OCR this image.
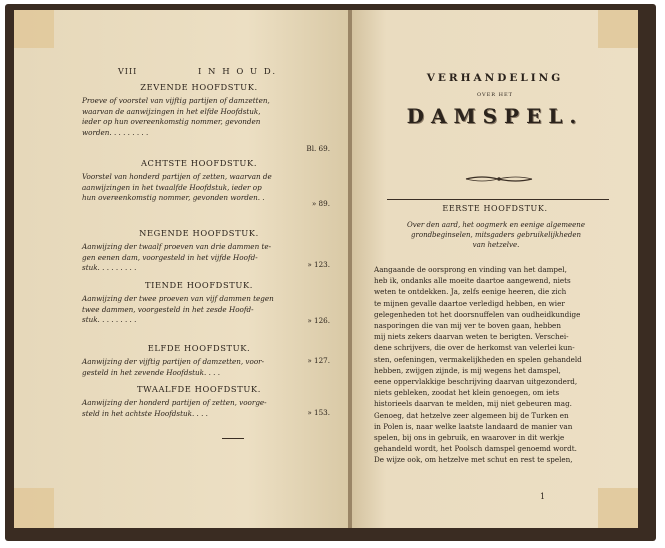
VIII	I N H O U D.
ZEVENDE HOOFDSTUK.
Proeve of voorstel van vijftig partijen of damzetten,
waarvan de aanwijzingen in het elfde Hoofdstuk,
ieder op hun overeenkomstig nommer, gevonden
worden. . . . . . . . .
Bl. 69.
ACHTSTE HOOFDSTUK.
Voorstel van honderd partijen of zetten, waarvan de
aanwijzingen in het twaalfde Hoofdstuk, ieder op
hun overeenkomstig nommer, gevonden worden. .
» 89.
NEGENDE HOOFDSTUK.
Aanwijzing der twaalf proeven van drie dammen te-
gen eenen dam, voorgesteld in het vijfde Hoofd-
stuk. . . . . . . . .	» 123.
TIENDE HOOFDSTUK.
Aanwijzing der twee proeven van vijf dammen tegen
twee dammen, voorgesteld in het zesde Hoofd-
stuk. . . . . . . . .	» 126.
ELFDE HOOFDSTUK.
Aanwijzing der vijftig partijen of damzetten, voor-
gesteld in het zevende Hoofdstuk. . . .
» 127.
TWAALFDE HOOFDSTUK.
Aanwijzing der honderd partijen of zetten, voorge-
steld in het achtste Hoofdstuk. . . .	» 153.
VERHANDELING
OVER HET
DAMSPEL.
EERSTE HOOFDSTUK.
Over den aard, het oogmerk en eenige algemeene
grondbeginselen, mitsgaders gebruikelijkheden
van hetzelve.
Aangaande de oorsprong en vinding van het dampel,
heb ik, ondanks alle moeite daartoe aangewend, niets
weten te ontdekken. Ja, zelfs eenige heeren, die zich
te mijnen gevalle daartoe verledigd hebben, en wier
gelegenheden tot het doorsnuffelen van oudheidkundige
nasporingen die van mij ver te boven gaan, hebben
mij niets zekers daarvan weten te berigten. Verschei-
dene schrijvers, die over de herkomst van velerlei kun-
sten, oefeningen, vermakelijkheden en spelen gehandeld
hebben, zwijgen zijnde, is mij wegens het damspel,
eene oppervlakkige beschrijving daarvan uitgezonderd,
niets gebleken, zoodat het klein genoegen, om iets
historieels daarvan te melden, mij niet gebeuren mag.
Genoeg, dat hetzelve zeer algemeen bij de Turken en
in Polen is, naar welke laatste landaard de manier van
spelen, bij ons in gebruik, en waarover in dit werkje
gehandeld wordt, het Poolsch damspel genoemd wordt.
De wijze ook, om hetzelve met schut en rest te spelen,
1
